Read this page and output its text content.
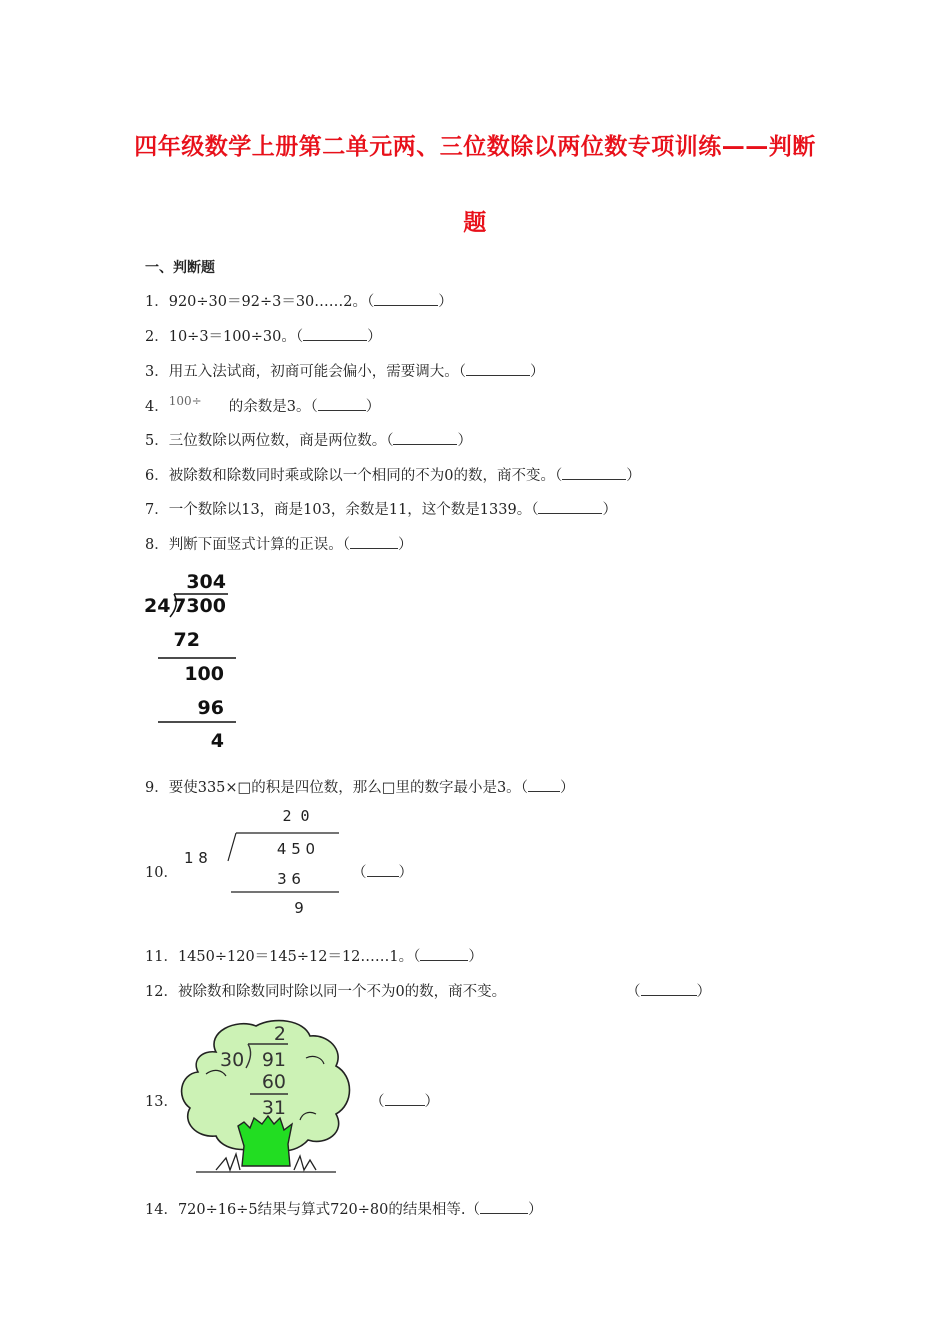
四年级数学上册第二单元两、三位数除以两位数专项训练——判断
题
一、判断题
1．920÷30＝92÷3＝30……2。（	）
2．10÷3＝100÷30。（	）
3．用五入法试商，初商可能会偏小，需要调大。（	）
4．100÷ 的余数是3。（	）
5．三位数除以两位数，商是两位数。（	）
6．被除数和除数同时乘或除以一个相同的不为0的数，商不变。（	）
7．一个数除以13，商是103，余数是11，这个数是1339。（	）
8．判断下面竖式计算的正误。（	）
304
24 7300
72
100
96
4
9．要使335×□的积是四位数，那么□里的数字最小是3。（ ）
10．
2 0
1 8	4 5 0
3 6
9
（ ）
11．1450÷120＝145÷12＝12……1。（	）
12．被除数和除数同时除以同一个不为0的数，商不变。	（	）
13．
2
30 91
60
31	（	）
14．720÷16÷5结果与算式720÷80的结果相等.（	）
